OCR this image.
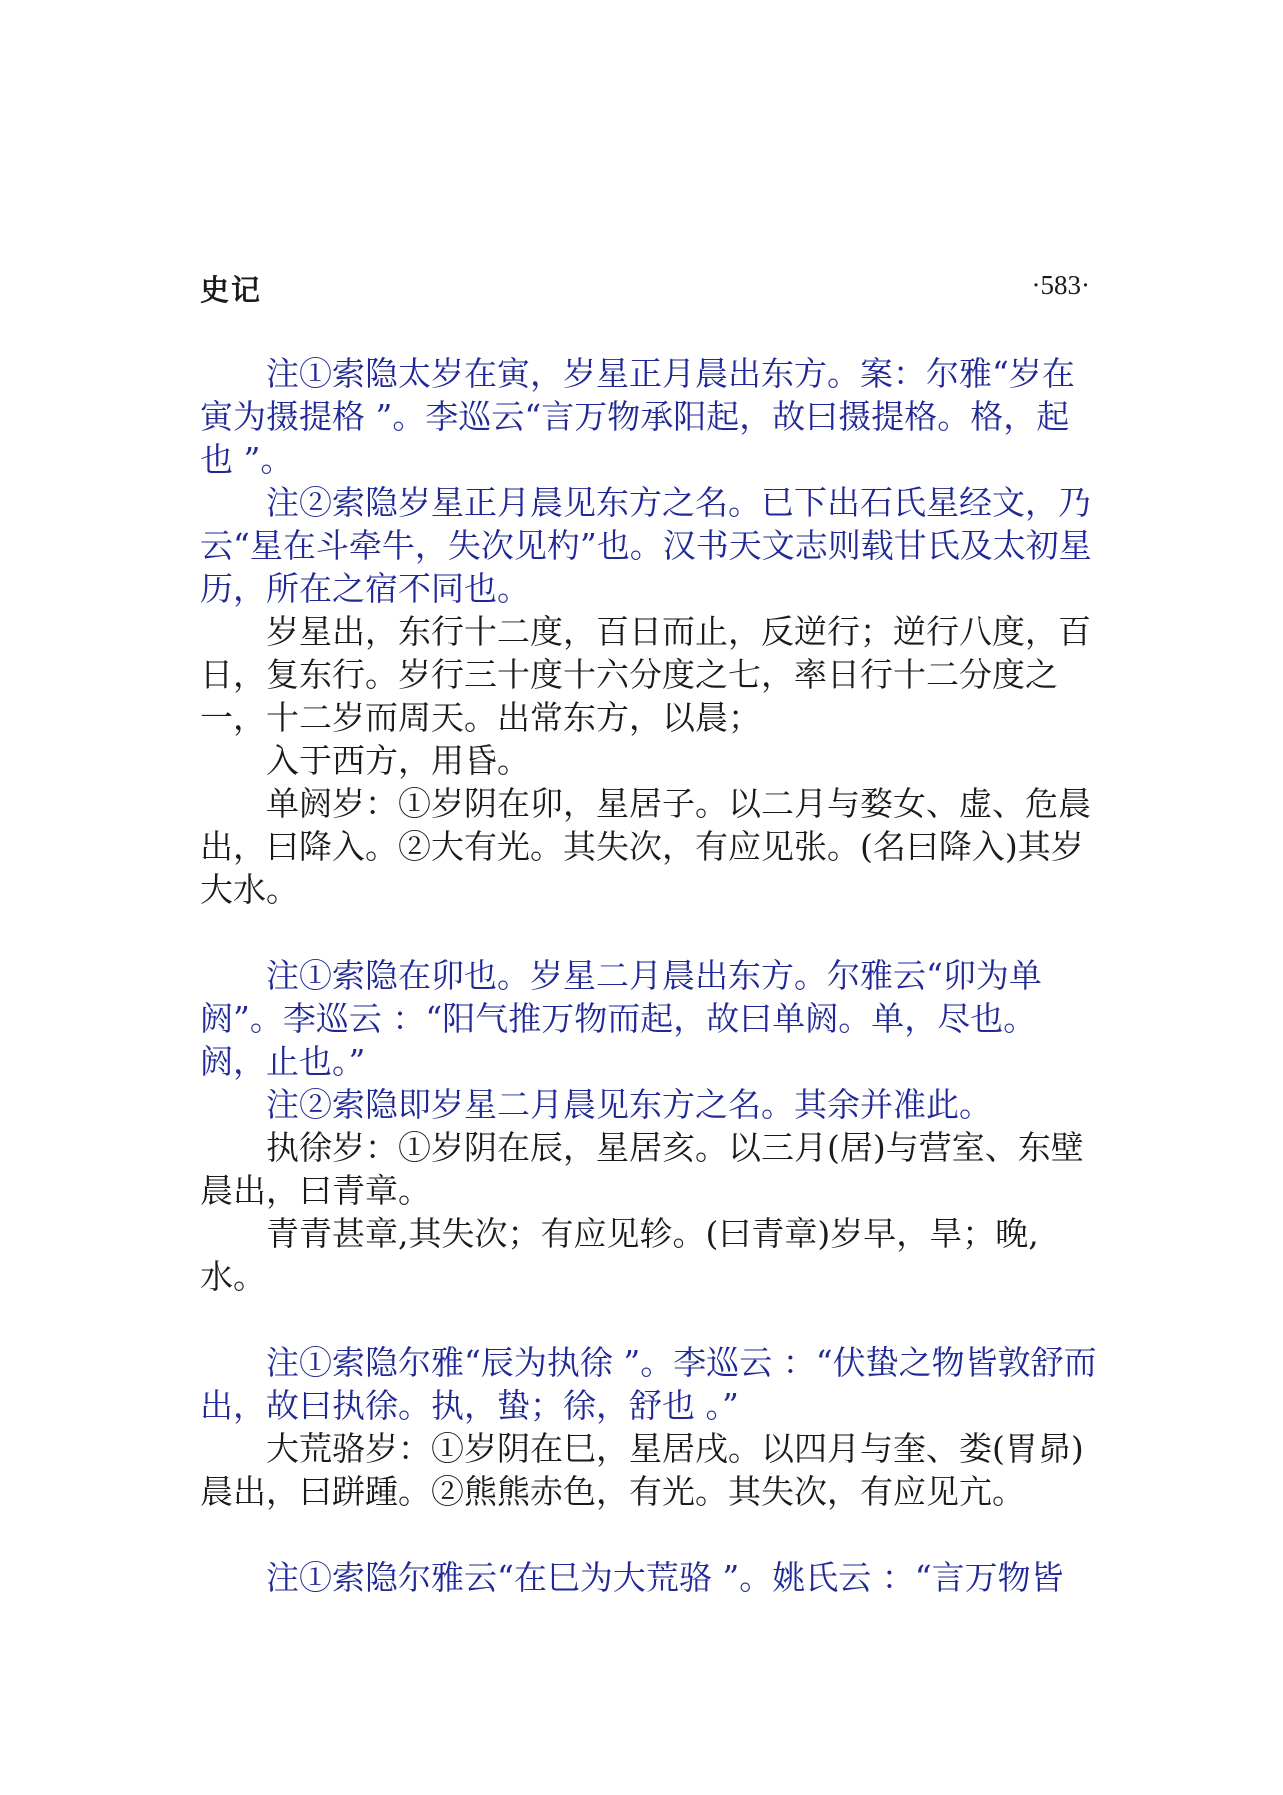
史记	·583·

注①索隐太岁在寅，岁星正月晨出东方。案：尔雅“岁在寅为摄提格 ”。李巡云“言万物承阳起，故曰摄提格。格，起也 ”。

注②索隐岁星正月晨见东方之名。已下出石氏星经文，乃云“星在斗牵牛，失次见杓”也。汉书天文志则载甘氏及太初星历，所在之宿不同也。

岁星出，东行十二度，百日而止，反逆行；逆行八度，百日，复东行。岁行三十度十六分度之七，率日行十二分度之一，十二岁而周天。出常东方，以晨；

入于西方，用昏。

单阏岁：①岁阴在卯，星居子。以二月与婺女、虚、危晨出，曰降入。②大有光。其失次，有应见张。(名曰降入)其岁大水。

注①索隐在卯也。岁星二月晨出东方。尔雅云“卯为单阏”。李巡云 ：“阳气推万物而起，故曰单阏。单，尽也。阏，止也。”

注②索隐即岁星二月晨见东方之名。其余并准此。

执徐岁：①岁阴在辰，星居亥。以三月(居)与营室、东壁晨出，曰青章。

青青甚章,其失次；有应见轸。(曰青章)岁早，旱；晚,水。

注①索隐尔雅“辰为执徐 ”。李巡云 ：“伏蛰之物皆敦舒而出，故曰执徐。执，蛰；徐，舒也 。”

大荒骆岁：①岁阴在巳，星居戌。以四月与奎、娄(胃昴)晨出，曰跰踵。②熊熊赤色，有光。其失次，有应见亢。

注①索隐尔雅云“在巳为大荒骆 ”。姚氏云 ：“言万物皆
